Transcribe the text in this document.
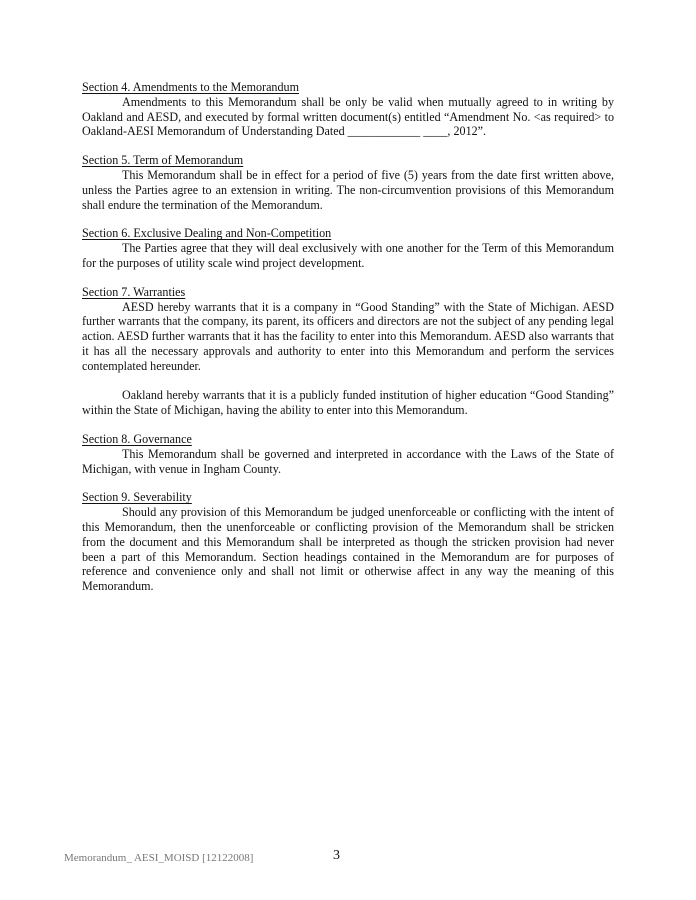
Section 4. Amendments to the Memorandum

Amendments to this Memorandum shall be only be valid when mutually agreed to in writing by Oakland and AESD, and executed by formal written document(s) entitled “Amendment No. <as required> to Oakland-AESI Memorandum of Understanding Dated ____________ ____, 2012”.

Section 5. Term of Memorandum

This Memorandum shall be in effect for a period of five (5) years from the date first written above, unless the Parties agree to an extension in writing. The non-circumvention provisions of this Memorandum shall endure the termination of the Memorandum.

Section 6. Exclusive Dealing and Non-Competition

The Parties agree that they will deal exclusively with one another for the Term of this Memorandum for the purposes of utility scale wind project development.

Section 7. Warranties

AESD hereby warrants that it is a company in “Good Standing” with the State of Michigan. AESD further warrants that the company, its parent, its officers and directors are not the subject of any pending legal action. AESD further warrants that it has the facility to enter into this Memorandum. AESD also warrants that it has all the necessary approvals and authority to enter into this Memorandum and perform the services contemplated hereunder.

Oakland hereby warrants that it is a publicly funded institution of higher education “Good Standing” within the State of Michigan, having the ability to enter into this Memorandum.

Section 8. Governance

This Memorandum shall be governed and interpreted in accordance with the Laws of the State of Michigan, with venue in Ingham County.

Section 9. Severability

Should any provision of this Memorandum be judged unenforceable or conflicting with the intent of this Memorandum, then the unenforceable or conflicting provision of the Memorandum shall be stricken from the document and this Memorandum shall be interpreted as though the stricken provision had never been a part of this Memorandum. Section headings contained in the Memorandum are for purposes of reference and convenience only and shall not limit or otherwise affect in any way the meaning of this Memorandum.

Memorandum_ AESI_MOISD [12122008]	3
